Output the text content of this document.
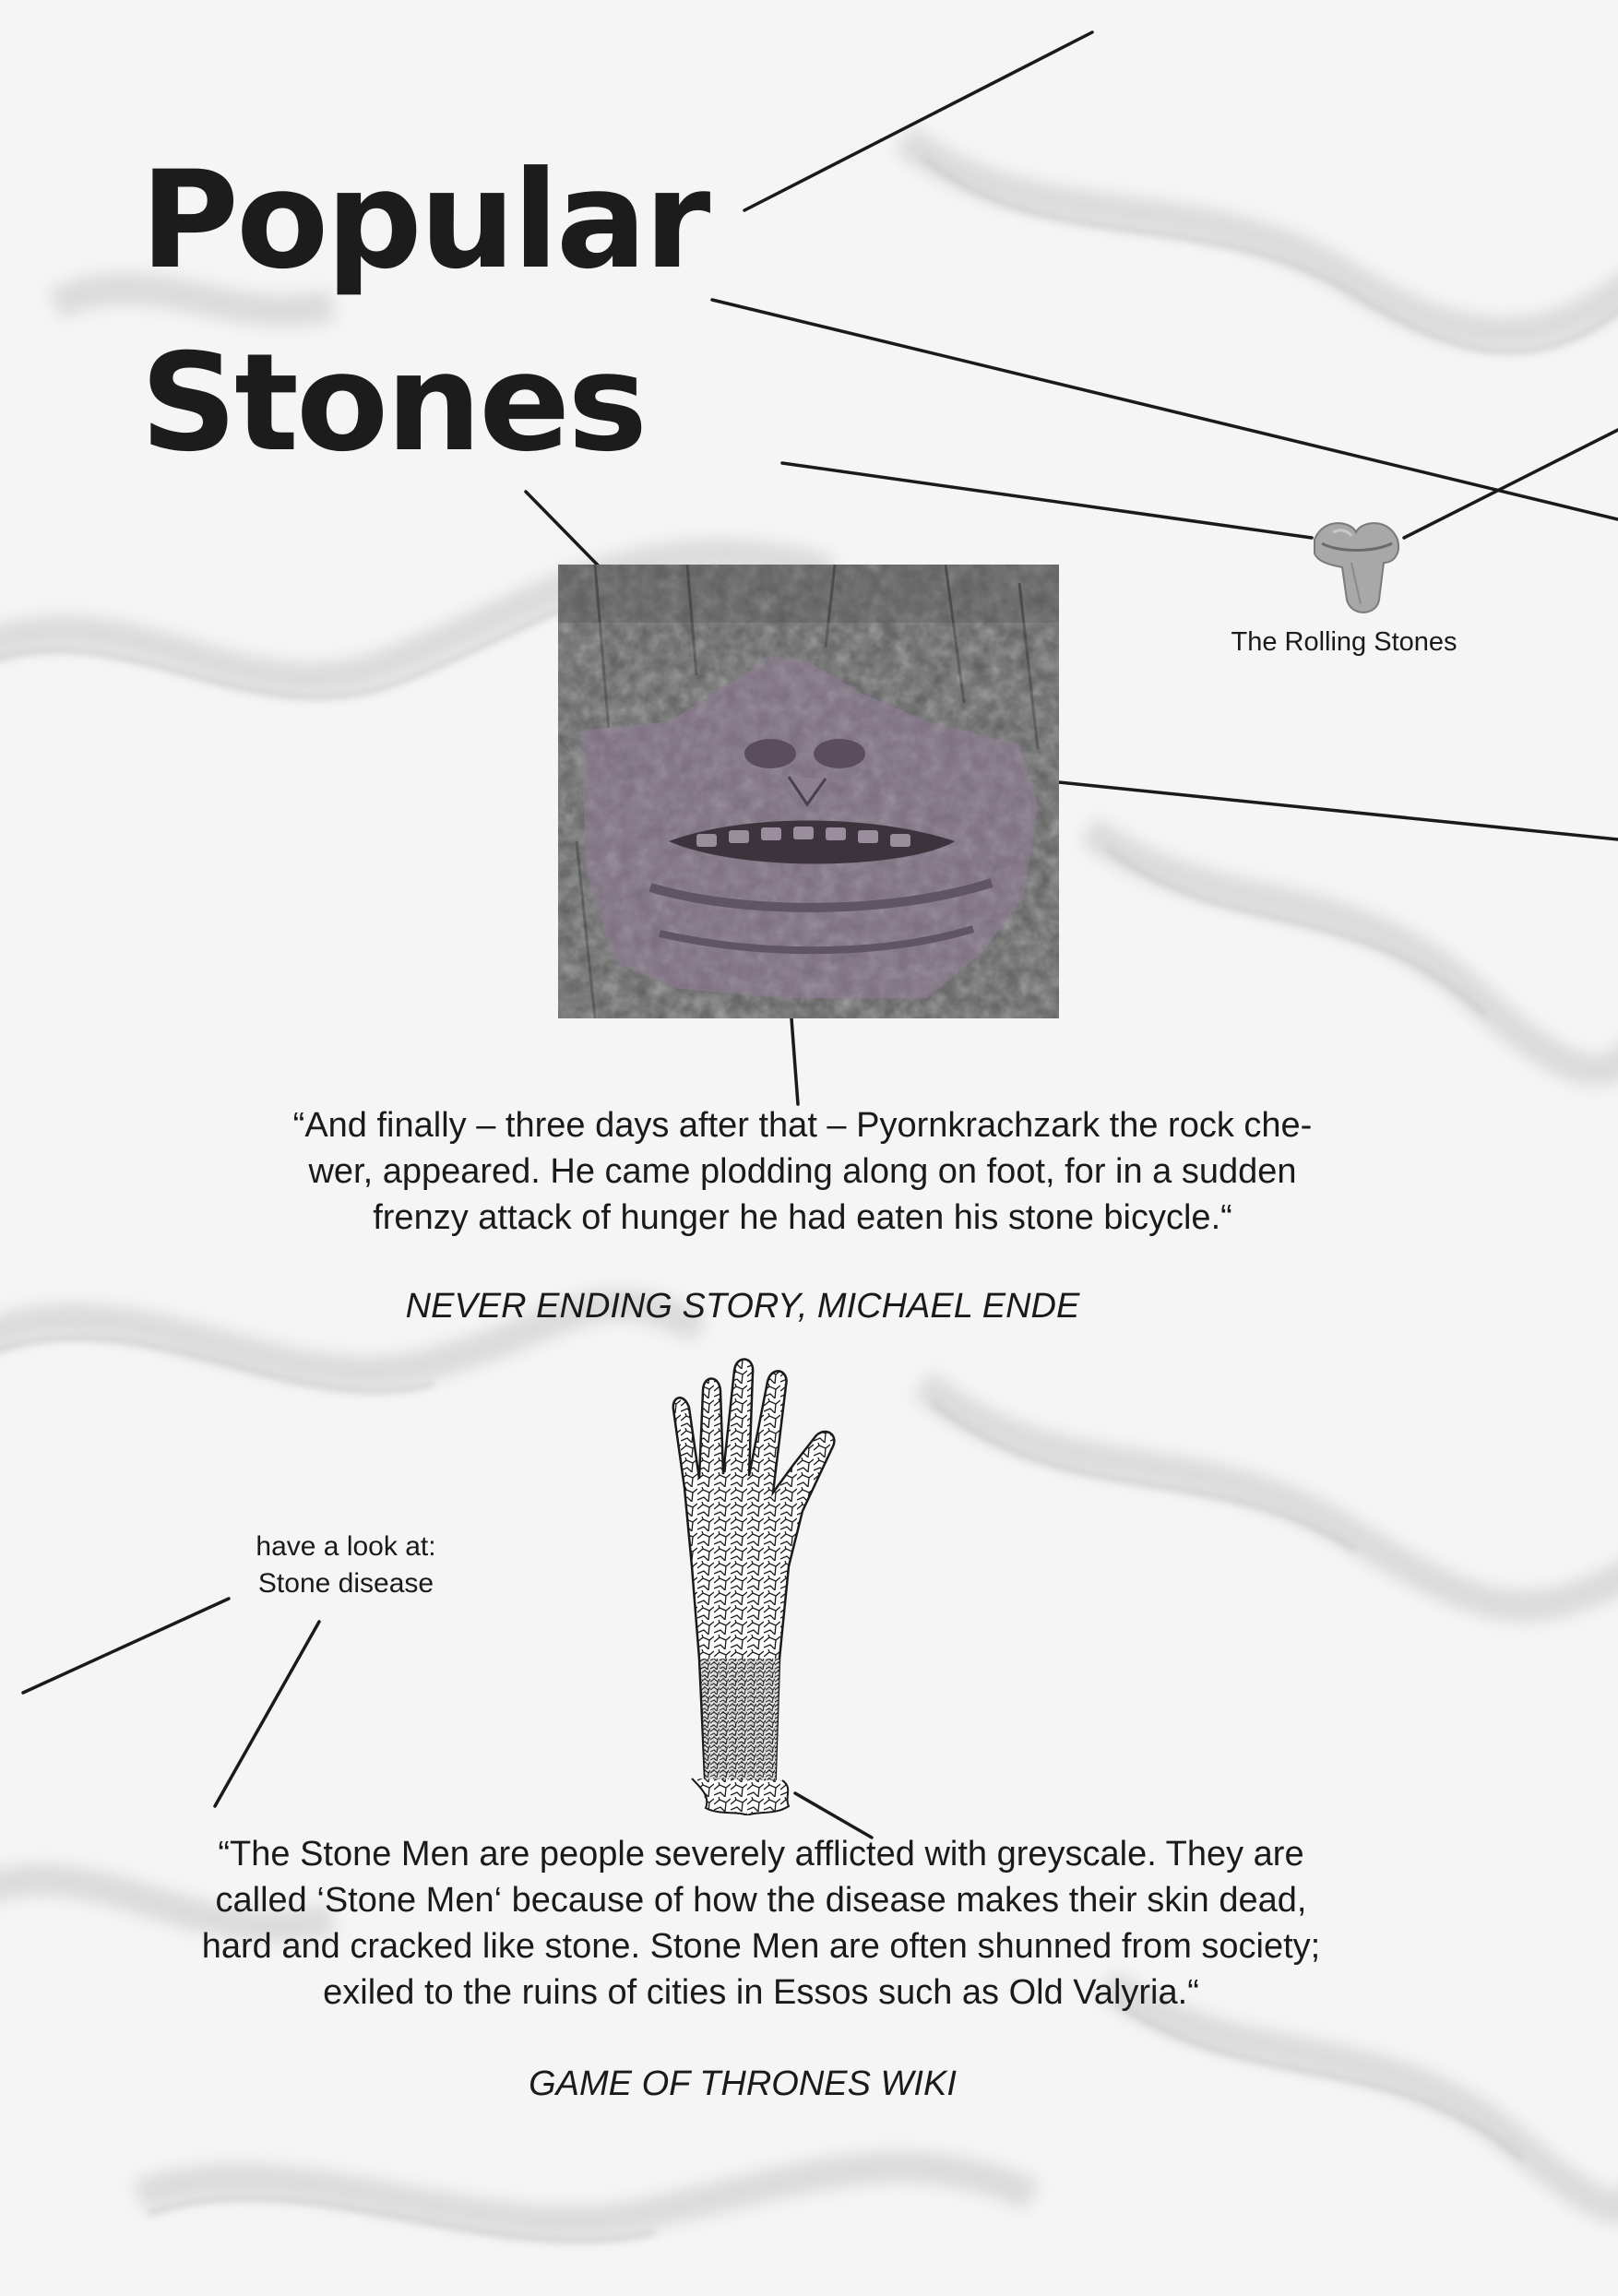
Popular
Stones
The Rolling Stones

“And finally – three days after that – Pyornkrachzark the rock che-
wer, appeared. He came plodding along on foot, for in a sudden
frenzy attack of hunger he had eaten his stone bicycle.“

NEVER ENDING STORY, MICHAEL ENDE

have a look at:
Stone disease

“The Stone Men are people severely afflicted with greyscale. They are
called ‘Stone Men‘ because of how the disease makes their skin dead,
hard and cracked like stone. Stone Men are often shunned from society;
exiled to the ruins of cities in Essos such as Old Valyria.“

GAME OF THRONES WIKI
